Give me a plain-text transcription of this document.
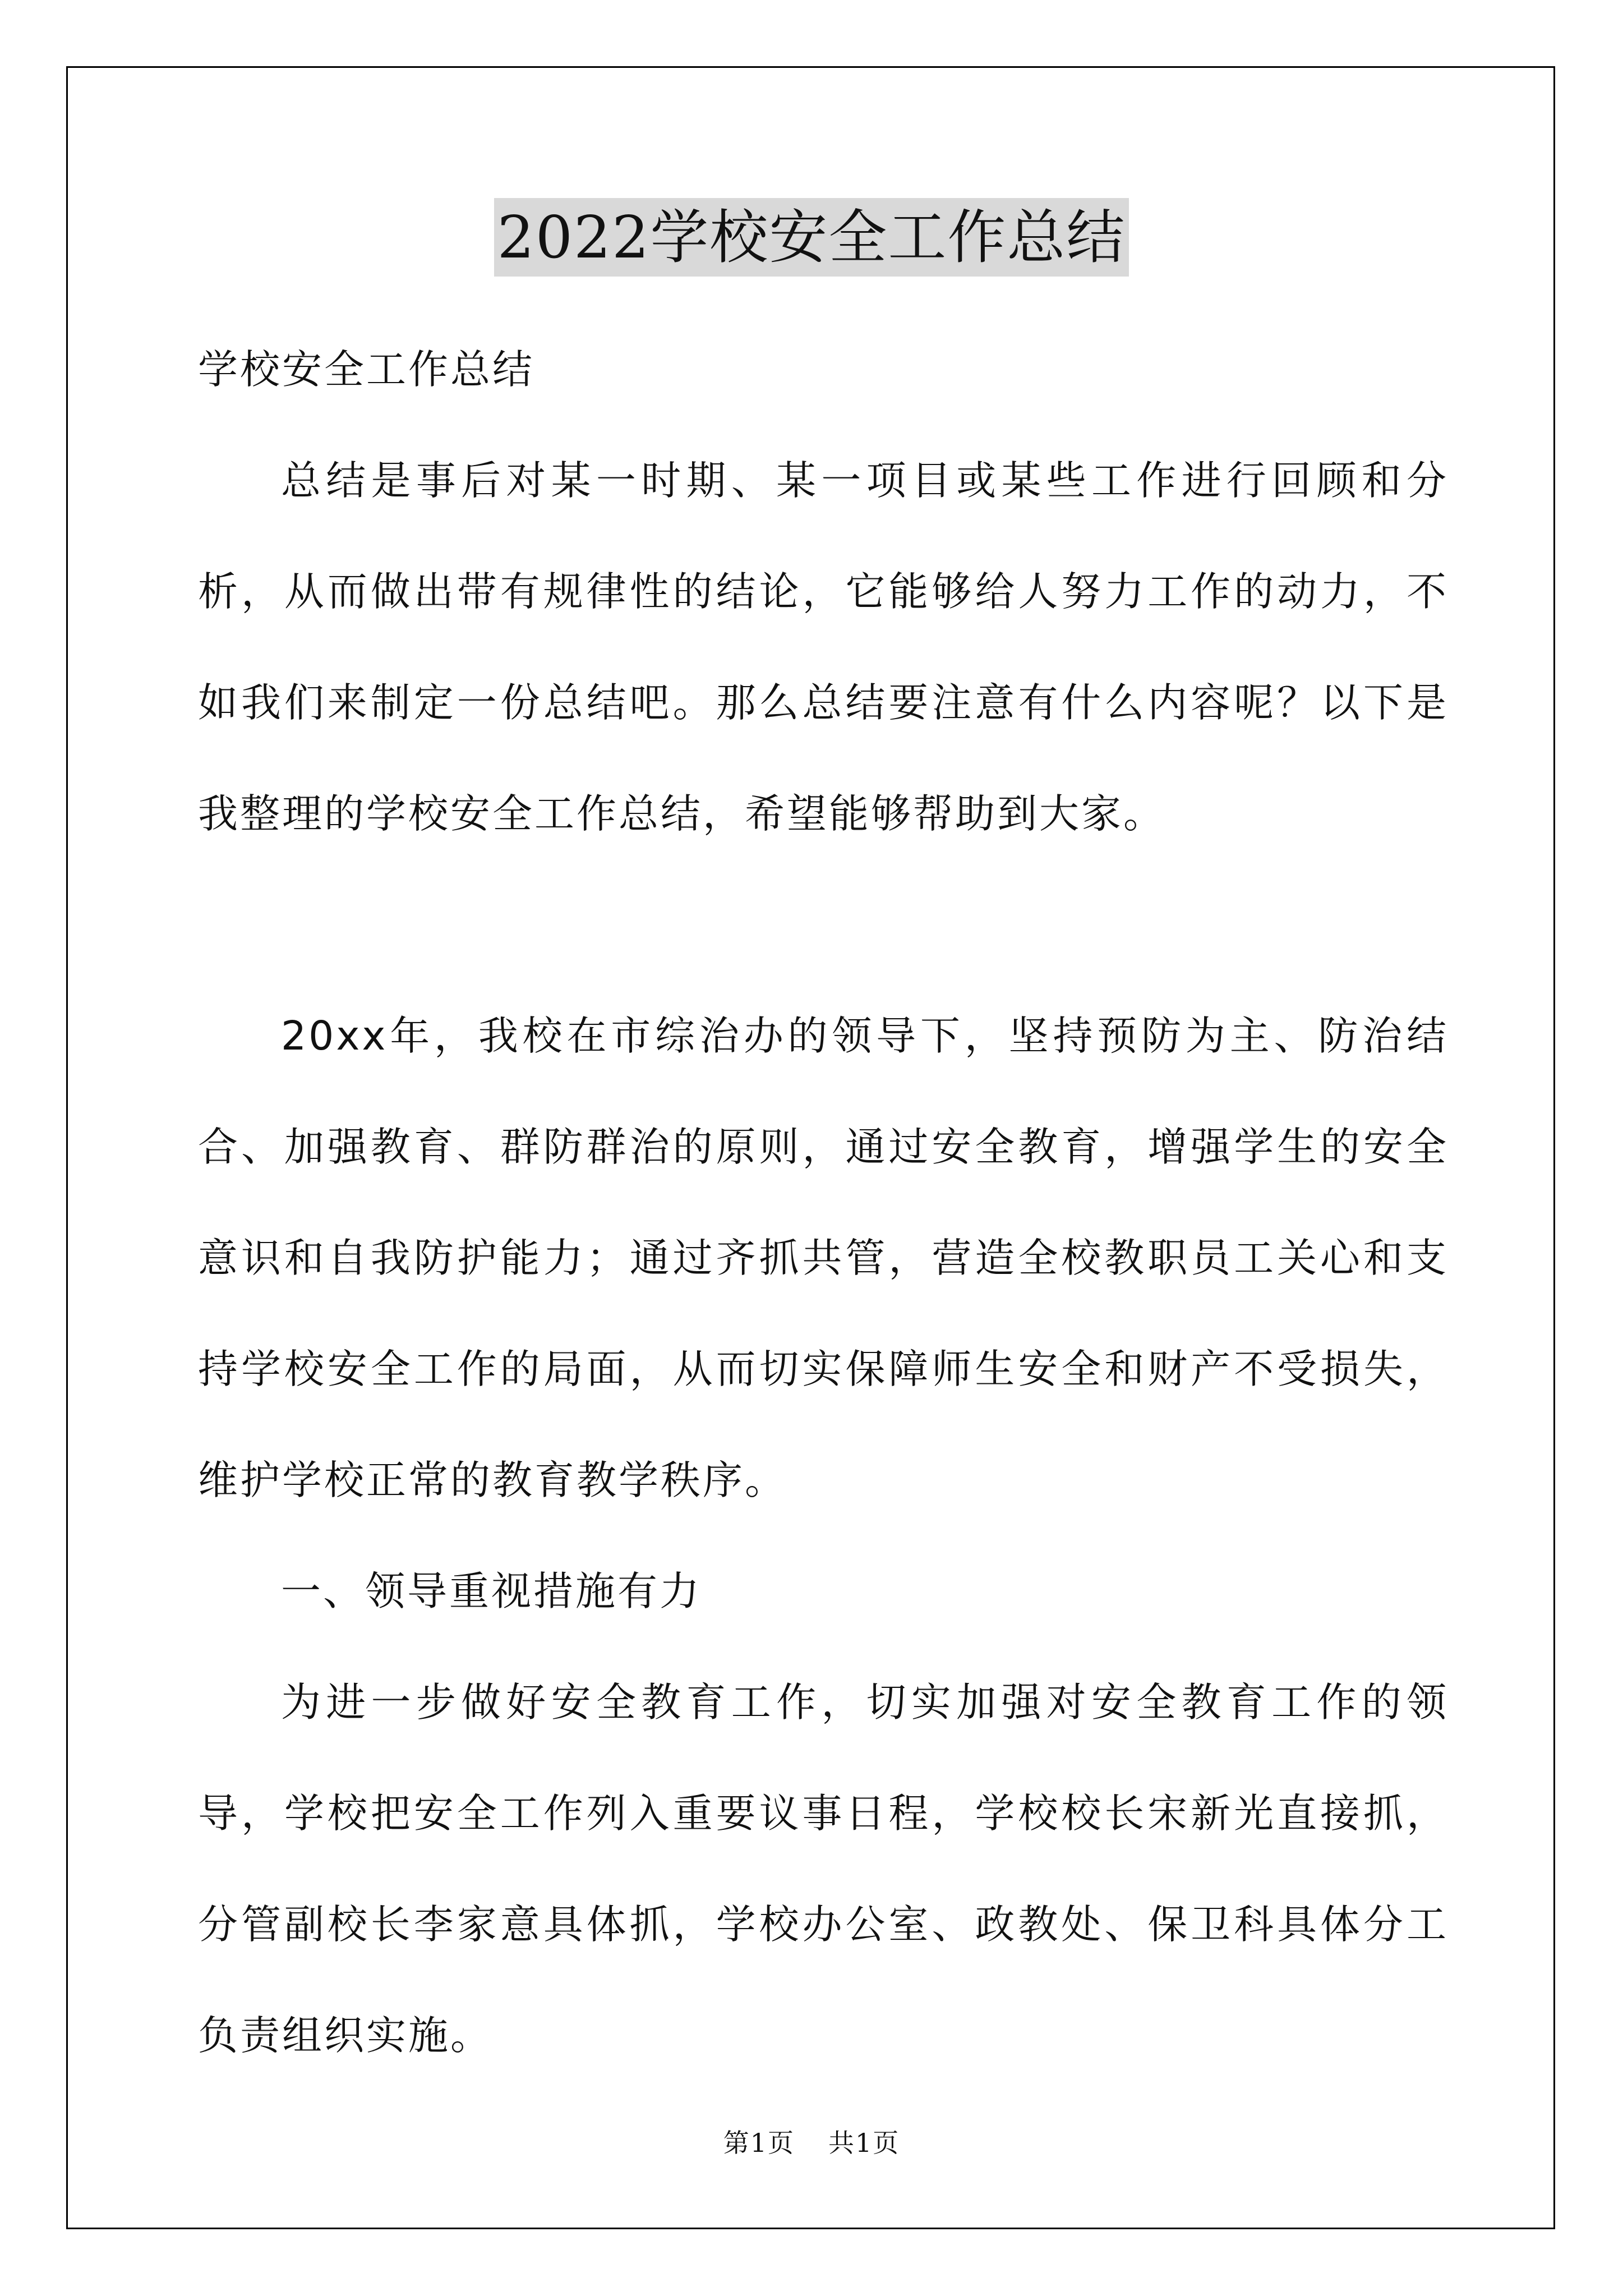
2022学校安全工作总结

学校安全工作总结

总结是事后对某一时期、某一项目或某些工作进行回顾和分析，从而做出带有规律性的结论，它能够给人努力工作的动力，不如我们来制定一份总结吧。那么总结要注意有什么内容呢？以下是我整理的学校安全工作总结，希望能够帮助到大家。

20xx年，我校在市综治办的领导下，坚持预防为主、防治结合、加强教育、群防群治的原则，通过安全教育，增强学生的安全意识和自我防护能力；通过齐抓共管，营造全校教职员工关心和支持学校安全工作的局面，从而切实保障师生安全和财产不受损失，维护学校正常的教育教学秩序。

一、领导重视措施有力

为进一步做好安全教育工作，切实加强对安全教育工作的领导，学校把安全工作列入重要议事日程，学校校长宋新光直接抓，分管副校长李家意具体抓，学校办公室、政教处、保卫科具体分工负责组织实施。

第1页 共1页
